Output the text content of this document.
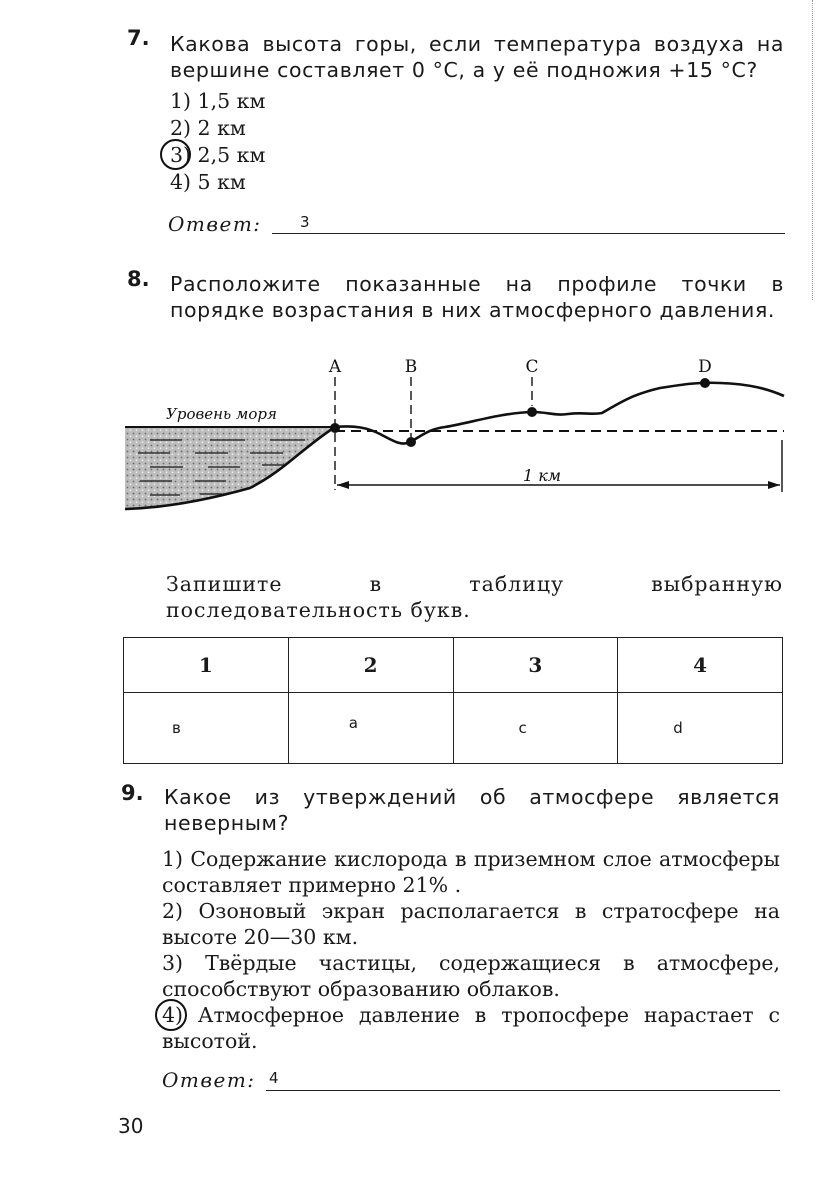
7. Какова высота горы, если температура воздуха на вершине составляет 0 °С, а у её подножия +15 °С?
1) 1,5 км
2) 2 км
3) 2,5 км
4) 5 км
Ответ:	3
8. Расположите показанные на профиле точки в порядке возрастания в них атмосферного давления.
A	B	C	D
Уровень моря
1 км
Запишите в таблицу выбранную последовательность букв.
1	2	3	4
в	a	c	d
9. Какое из утверждений об атмосфере является неверным?
1) Содержание кислорода в приземном слое атмосферы составляет примерно 21% .
2) Озоновый экран располагается в стратосфере на высоте 20—30 км.
3) Твёрдые частицы, содержащиеся в атмосфере, способствуют образованию облаков.
4) Атмосферное давление в тропосфере нарастает с высотой.
Ответ: 4
30
